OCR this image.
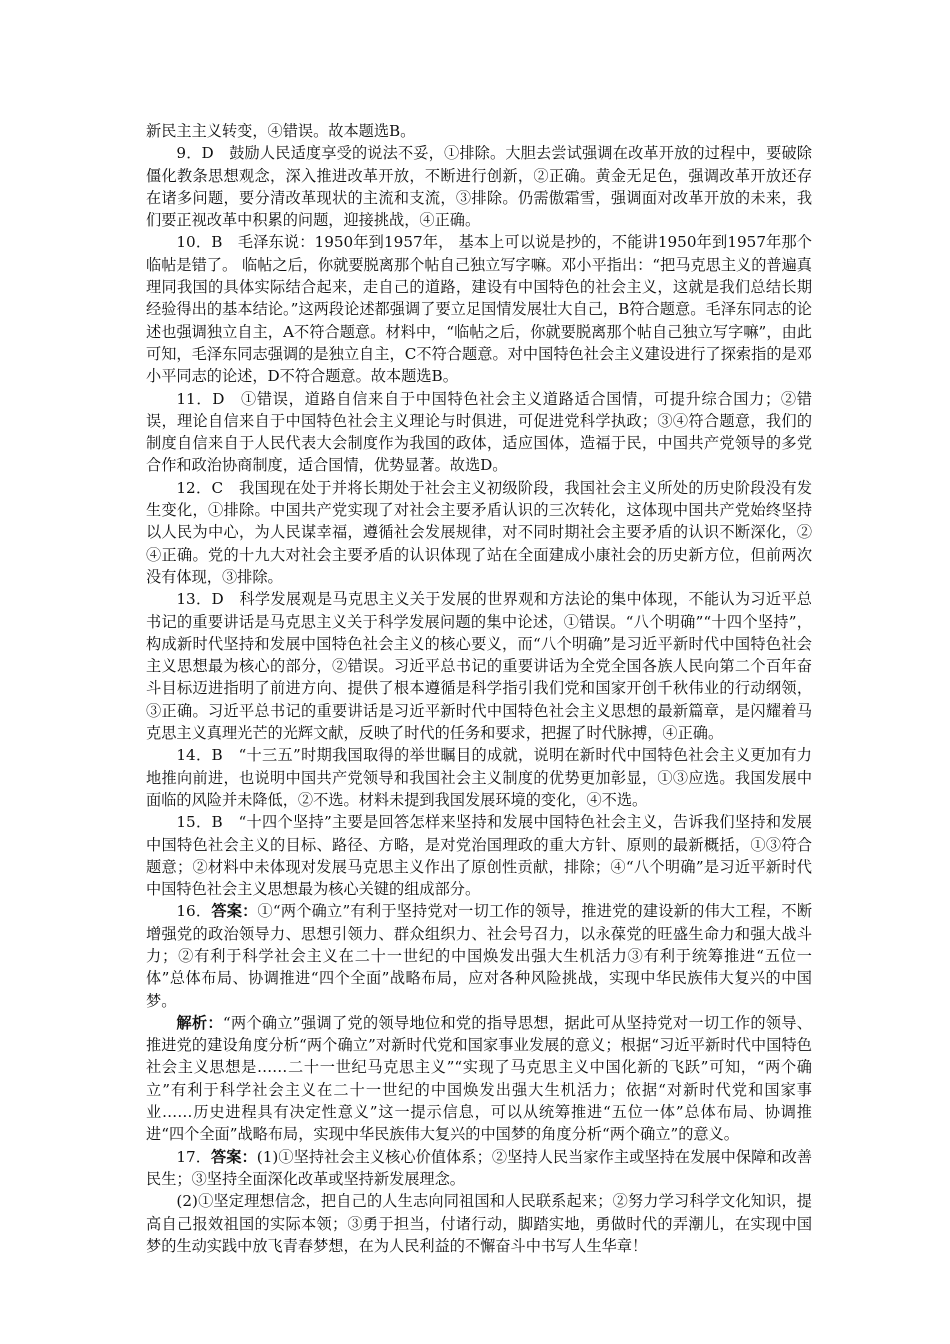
新民主主义转变，④错误。故本题选B。

9．D　鼓励人民适度享受的说法不妥，①排除。大胆去尝试强调在改革开放的过程中，要破除僵化教条思想观念，深入推进改革开放，不断进行创新，②正确。黄金无足色，强调改革开放还存在诸多问题，要分清改革现状的主流和支流，③排除。仍需傲霜雪，强调面对改革开放的未来，我们要正视改革中积累的问题，迎接挑战，④正确。

10．B　毛泽东说：1950年到1957年， 基本上可以说是抄的，不能讲1950年到1957年那个临帖是错了。 临帖之后，你就要脱离那个帖自己独立写字嘛。邓小平指出：“把马克思主义的普遍真理同我国的具体实际结合起来，走自己的道路，建设有中国特色的社会主义，这就是我们总结长期经验得出的基本结论。”这两段论述都强调了要立足国情发展壮大自己，B符合题意。毛泽东同志的论述也强调独立自主，A不符合题意。材料中，“临帖之后，你就要脱离那个帖自己独立写字嘛”，由此可知，毛泽东同志强调的是独立自主，C不符合题意。对中国特色社会主义建设进行了探索指的是邓小平同志的论述，D不符合题意。故本题选B。

11．D　①错误，道路自信来自于中国特色社会主义道路适合国情，可提升综合国力；②错误，理论自信来自于中国特色社会主义理论与时俱进，可促进党科学执政；③④符合题意，我们的制度自信来自于人民代表大会制度作为我国的政体，适应国体，造福于民，中国共产党领导的多党合作和政治协商制度，适合国情，优势显著。故选D。

12．C　我国现在处于并将长期处于社会主义初级阶段，我国社会主义所处的历史阶段没有发生变化，①排除。中国共产党实现了对社会主要矛盾认识的三次转化，这体现中国共产党始终坚持以人民为中心，为人民谋幸福，遵循社会发展规律，对不同时期社会主要矛盾的认识不断深化，②④正确。党的十九大对社会主要矛盾的认识体现了站在全面建成小康社会的历史新方位，但前两次没有体现，③排除。

13．D　科学发展观是马克思主义关于发展的世界观和方法论的集中体现，不能认为习近平总书记的重要讲话是马克思主义关于科学发展问题的集中论述，①错误。“八个明确”“十四个坚持”，构成新时代坚持和发展中国特色社会主义的核心要义，而“八个明确”是习近平新时代中国特色社会主义思想最为核心的部分，②错误。习近平总书记的重要讲话为全党全国各族人民向第二个百年奋斗目标迈进指明了前进方向、提供了根本遵循是科学指引我们党和国家开创千秋伟业的行动纲领，③正确。习近平总书记的重要讲话是习近平新时代中国特色社会主义思想的最新篇章，是闪耀着马克思主义真理光芒的光辉文献，反映了时代的任务和要求，把握了时代脉搏，④正确。

14．B　“十三五”时期我国取得的举世瞩目的成就，说明在新时代中国特色社会主义更加有力地推向前进，也说明中国共产党领导和我国社会主义制度的优势更加彰显，①③应选。我国发展中面临的风险并未降低，②不选。材料未提到我国发展环境的变化，④不选。

15．B　“十四个坚持”主要是回答怎样来坚持和发展中国特色社会主义，告诉我们坚持和发展中国特色社会主义的目标、路径、方略，是对党治国理政的重大方针、原则的最新概括，①③符合题意；②材料中未体现对发展马克思主义作出了原创性贡献，排除；④“八个明确”是习近平新时代中国特色社会主义思想最为核心关键的组成部分。

16．答案：①“两个确立”有利于坚持党对一切工作的领导，推进党的建设新的伟大工程，不断增强党的政治领导力、思想引领力、群众组织力、社会号召力，以永葆党的旺盛生命力和强大战斗力；②有利于科学社会主义在二十一世纪的中国焕发出强大生机活力③有利于统筹推进“五位一体”总体布局、协调推进“四个全面”战略布局，应对各种风险挑战，实现中华民族伟大复兴的中国梦。

解析：“两个确立”强调了党的领导地位和党的指导思想，据此可从坚持党对一切工作的领导、推进党的建设角度分析“两个确立”对新时代党和国家事业发展的意义；根据“习近平新时代中国特色社会主义思想是……二十一世纪马克思主义”“实现了马克思主义中国化新的飞跃”可知，“两个确立”有利于科学社会主义在二十一世纪的中国焕发出强大生机活力；依据“对新时代党和国家事业……历史进程具有决定性意义”这一提示信息，可以从统筹推进“五位一体”总体布局、协调推进“四个全面”战略布局，实现中华民族伟大复兴的中国梦的角度分析“两个确立”的意义。

17．答案：(1)①坚持社会主义核心价值体系；②坚持人民当家作主或坚持在发展中保障和改善民生；③坚持全面深化改革或坚持新发展理念。

(2)①坚定理想信念，把自己的人生志向同祖国和人民联系起来；②努力学习科学文化知识，提高自己报效祖国的实际本领；③勇于担当，付诸行动，脚踏实地，勇做时代的弄潮儿，在实现中国梦的生动实践中放飞青春梦想，在为人民利益的不懈奋斗中书写人生华章！
